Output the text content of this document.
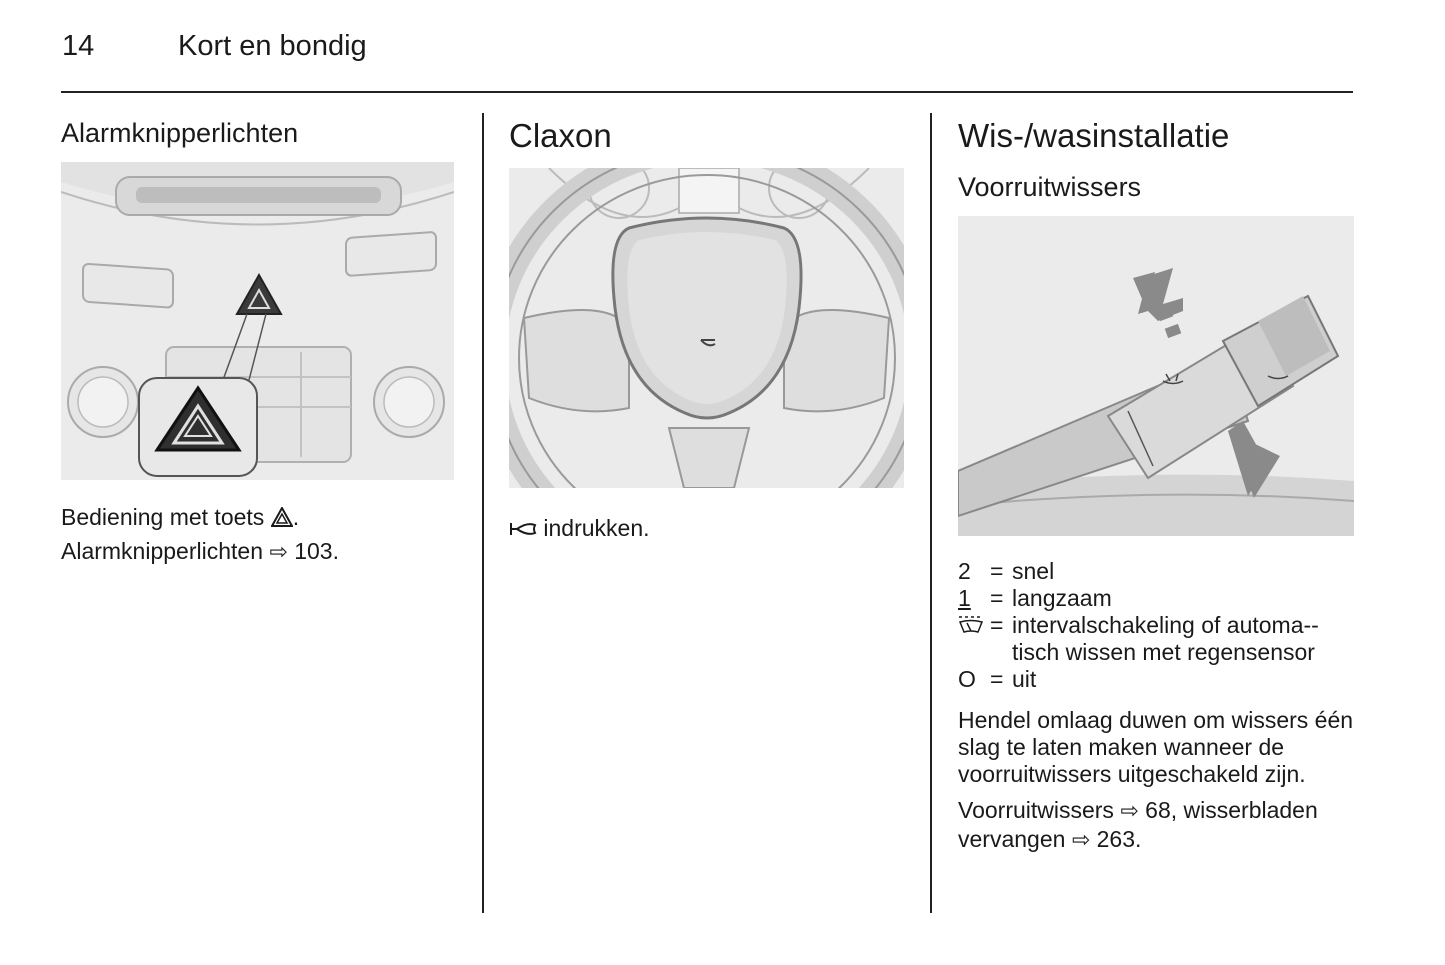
14	Kort en bondig
Alarmknipperlichten

Bediening met toets .
Alarmknipperlichten ⇨ 103.

Claxon

indrukken.

Wis-/wasinstallatie
Voorruitwissers
2 = snel
1 = langzaam
= intervalschakeling of automa-tisch wissen met regensensor
O = uit

Hendel omlaag duwen om wissers één slag te laten maken wanneer de voorruitwissers uitgeschakeld zijn.

Voorruitwissers ⇨ 68, wisserbladen vervangen ⇨ 263.
